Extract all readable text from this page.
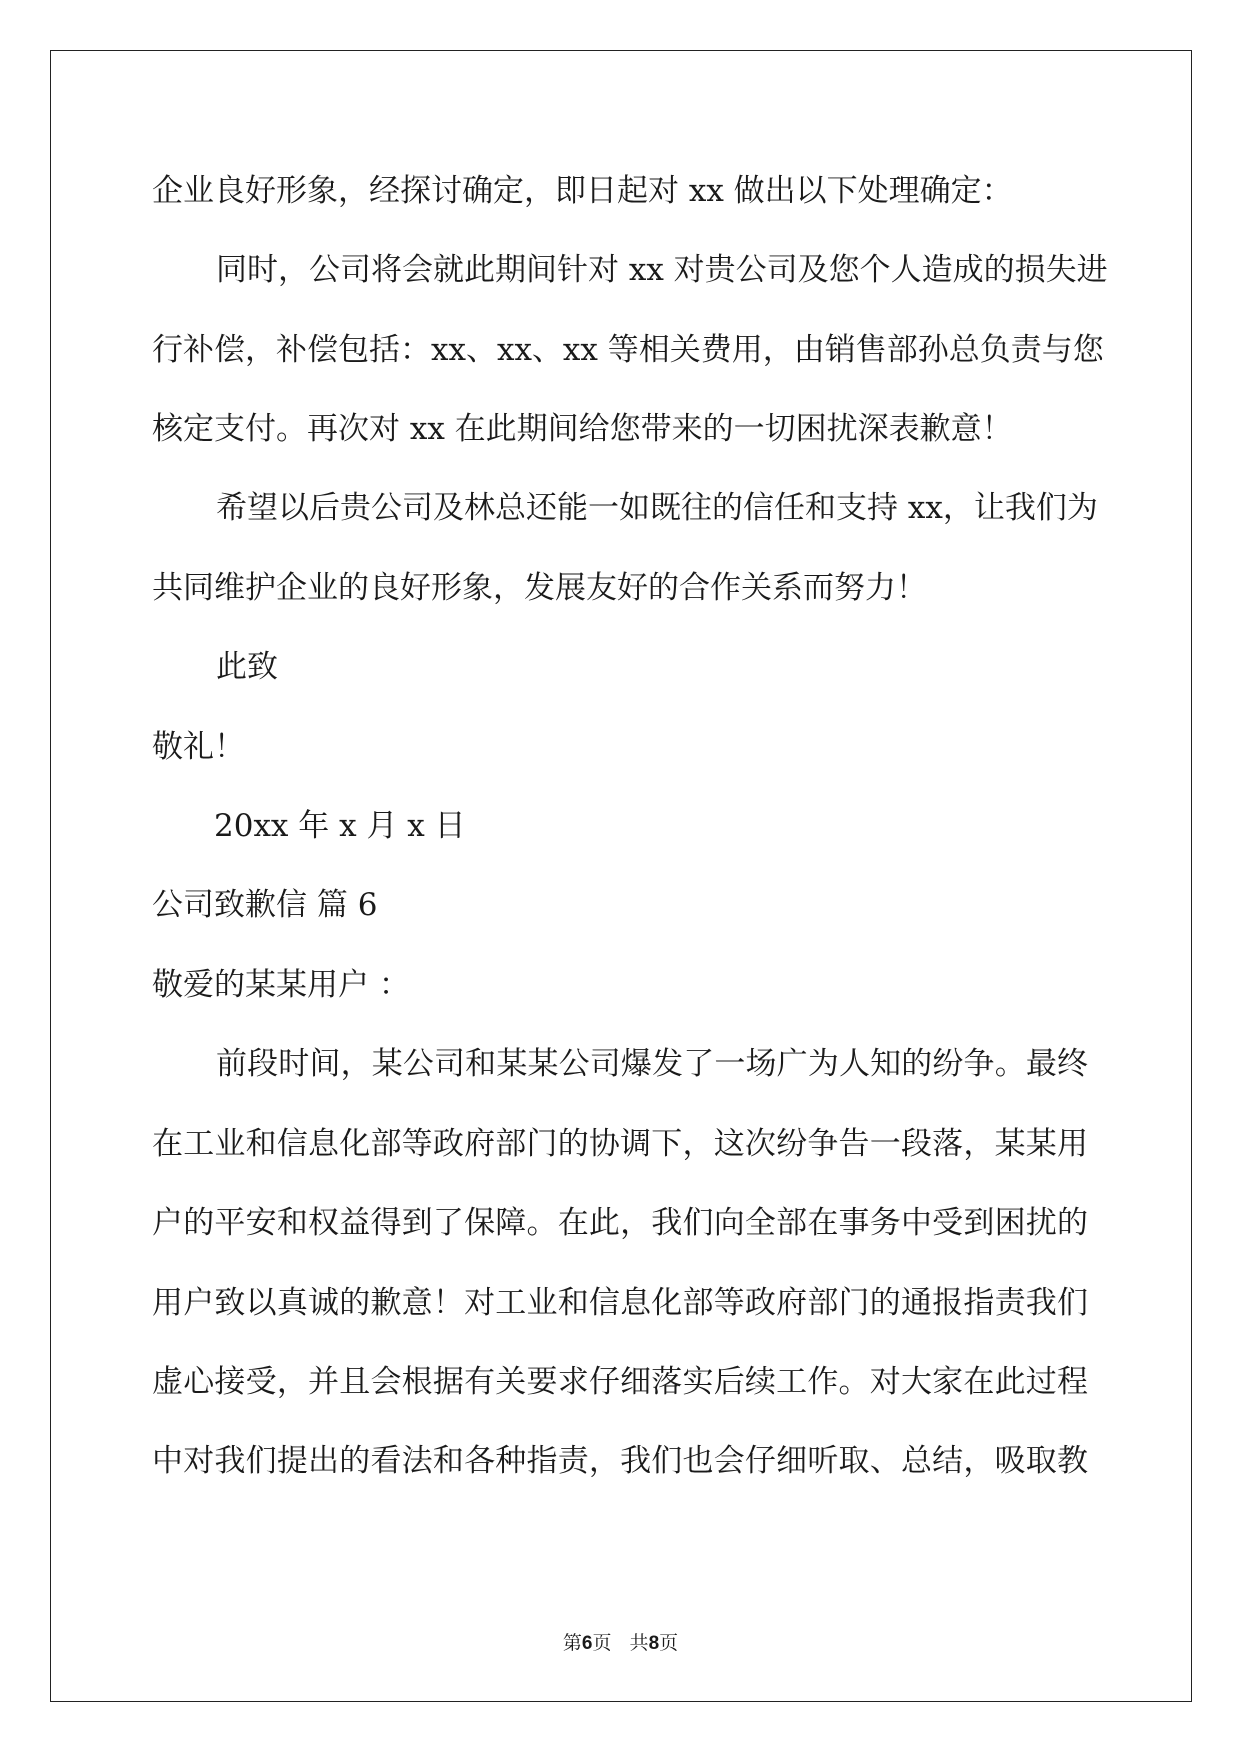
企业良好形象，经探讨确定，即日起对 xx 做出以下处理确定：

同时，公司将会就此期间针对 xx 对贵公司及您个人造成的损失进

行补偿，补偿包括：xx、xx、xx 等相关费用，由销售部孙总负责与您

核定支付。再次对 xx 在此期间给您带来的一切困扰深表歉意！

希望以后贵公司及林总还能一如既往的信任和支持 xx，让我们为

共同维护企业的良好形象，发展友好的合作关系而努力！

此致

敬礼！

20xx 年 x 月 x 日

公司致歉信 篇 6

敬爱的某某用户 ：

前段时间，某公司和某某公司爆发了一场广为人知的纷争。最终

在工业和信息化部等政府部门的协调下，这次纷争告一段落，某某用

户的平安和权益得到了保障。在此，我们向全部在事务中受到困扰的

用户致以真诚的歉意！对工业和信息化部等政府部门的通报指责我们

虚心接受，并且会根据有关要求仔细落实后续工作。对大家在此过程

中对我们提出的看法和各种指责，我们也会仔细听取、总结，吸取教

第6页   共8页
